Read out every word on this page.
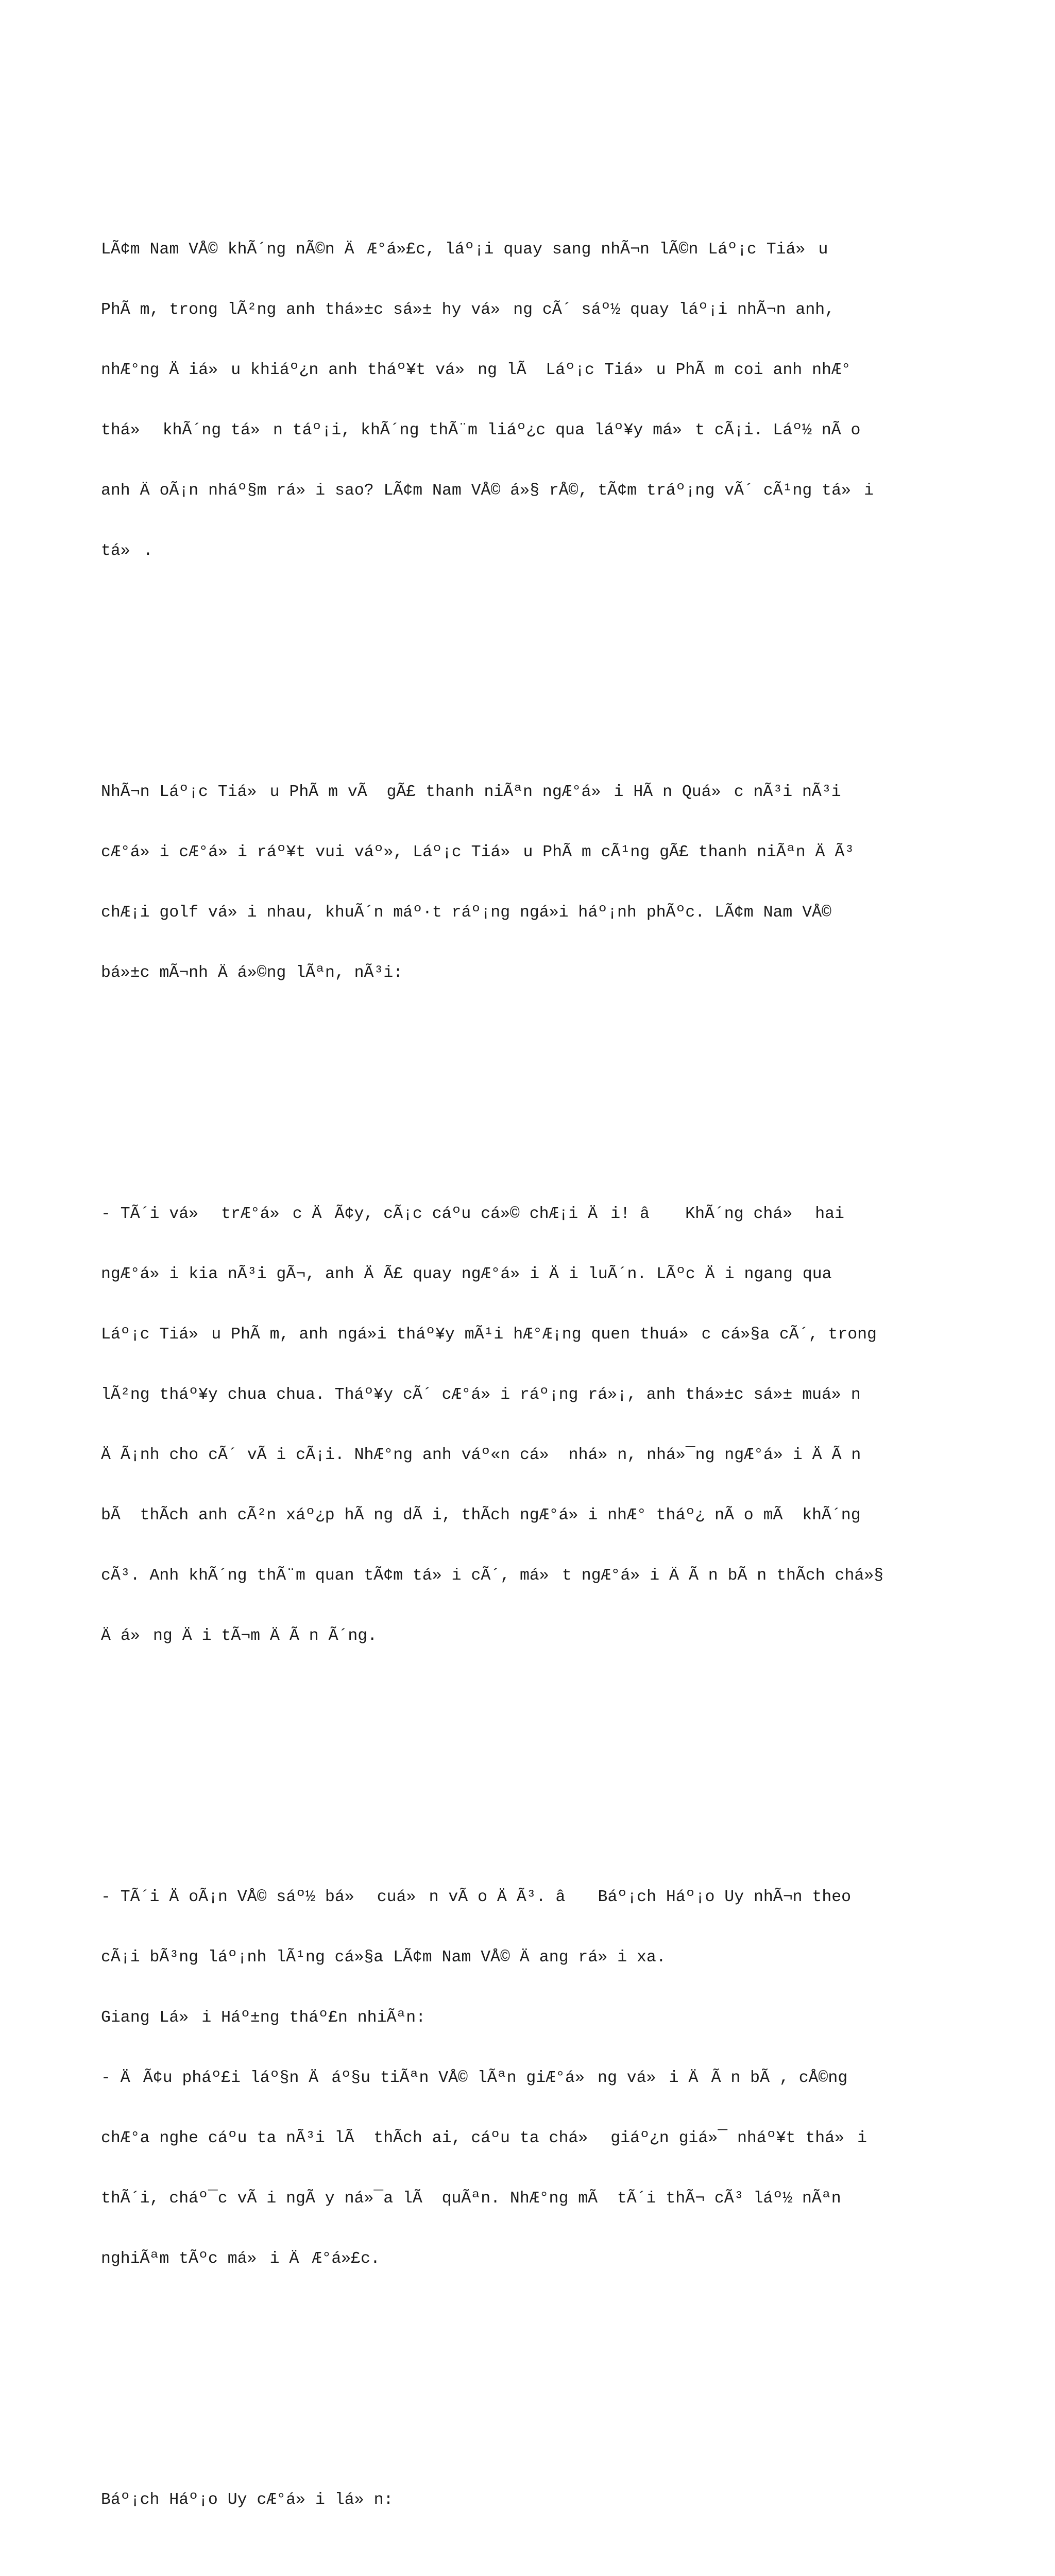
LÃ¢m Nam VÅ© khÃ´ng nÃ©n ÄÆ°á»£c, láº¡i quay sang nhÃ¬n lÃ©n Láº¡c Tiá»u

PhÃ m, trong lÃ²ng anh thá»±c sá»± hy vá»ng cÃ´ sáº½ quay láº¡i nhÃ¬n anh,

nhÆ°ng Äiá»u khiáº¿n anh tháº¥t vá»ng lÃ  Láº¡c Tiá»u PhÃ m coi anh nhÆ°

thá» khÃ´ng tá»n táº¡i, khÃ´ng thÃ¨m liáº¿c qua láº¥y má»t cÃ¡i. Láº½ nÃ o

anh ÄoÃ¡n nháº§m rá»i sao? LÃ¢m Nam VÅ© á»§ rÅ©, tÃ¢m tráº¡ng vÃ´ cÃ¹ng tá»i

tá».

NhÃ¬n Láº¡c Tiá»u PhÃ m vÃ  gÃ£ thanh niÃªn ngÆ°á»i HÃ n Quá»c nÃ³i nÃ³i

cÆ°á»i cÆ°á»i ráº¥t vui váº», Láº¡c Tiá»u PhÃ m cÃ¹ng gÃ£ thanh niÃªn ÄÃ³

chÆ¡i golf vá»i nhau, khuÃ´n máº·t ráº¡ng ngá»i háº¡nh phÃºc. LÃ¢m Nam VÅ©

bá»±c mÃ¬nh Äá»©ng lÃªn, nÃ³i:

- TÃ´i vá» trÆ°á»c ÄÃ¢y, cÃ¡c cáºu cá»© chÆ¡i Äi! â KhÃ´ng chá» hai

ngÆ°á»i kia nÃ³i gÃ¬, anh ÄÃ£ quay ngÆ°á»i Äi luÃ´n. LÃºc Äi ngang qua

Láº¡c Tiá»u PhÃ m, anh ngá»i tháº¥y mÃ¹i hÆ°Æ¡ng quen thuá»c cá»§a cÃ´, trong

lÃ²ng tháº¥y chua chua. Tháº¥y cÃ´ cÆ°á»i ráº¡ng rá»¡, anh thá»±c sá»± muá»n

ÄÃ¡nh cho cÃ´ vÃ i cÃ¡i. NhÆ°ng anh váº«n cá» nhá»n, nhá»¯ng ngÆ°á»i ÄÃ n

bÃ  thÃch anh cÃ²n xáº¿p hÃ ng dÃ i, thÃch ngÆ°á»i nhÆ° tháº¿ nÃ o mÃ  khÃ´ng

cÃ³. Anh khÃ´ng thÃ¨m quan tÃ¢m tá»i cÃ´, má»t ngÆ°á»i ÄÃ n bÃ n thÃch chá»§

Äá»ng Äi tÃ¬m ÄÃ n Ã´ng.

- TÃ´i ÄoÃ¡n VÅ© sáº½ bá» cuá»n vÃ o ÄÃ³. â Báº¡ch Háº¡o Uy nhÃ¬n theo

cÃ¡i bÃ³ng láº¡nh lÃ¹ng cá»§a LÃ¢m Nam VÅ© Äang rá»i xa.

Giang Lá»i Háº±ng tháº£n nhiÃªn:

- ÄÃ¢u pháº£i láº§n Äáº§u tiÃªn VÅ© lÃªn giÆ°á»ng vá»i ÄÃ n bÃ , cÅ©ng

chÆ°a nghe cáºu ta nÃ³i lÃ  thÃch ai, cáºu ta chá» giáº¿n giá»¯ nháº¥t thá»i

thÃ´i, cháº¯c vÃ i ngÃ y ná»¯a lÃ  quÃªn. NhÆ°ng mÃ  tÃ´i thÃ¬ cÃ³ láº½ nÃªn

nghiÃªm tÃºc má»i ÄÆ°á»£c.

Báº¡ch Háº¡o Uy cÆ°á»i lá»n:
